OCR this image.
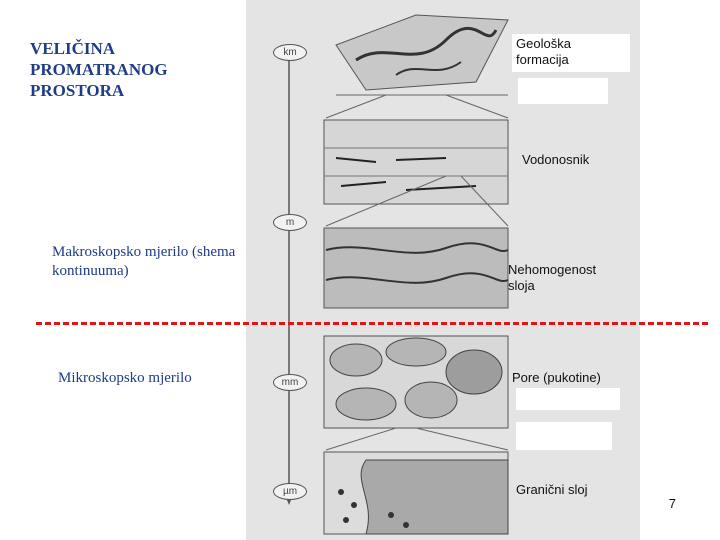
VELIČINA PROMATRANOG PROSTORA
Makroskopsko mjerilo (shema kontinuuma)
Mikroskopsko mjerilo
km
m
mm
µm
Geološka formacija
Vodonosnik
Nehomogenost sloja
Pore (pukotine)
Granični sloj
7
